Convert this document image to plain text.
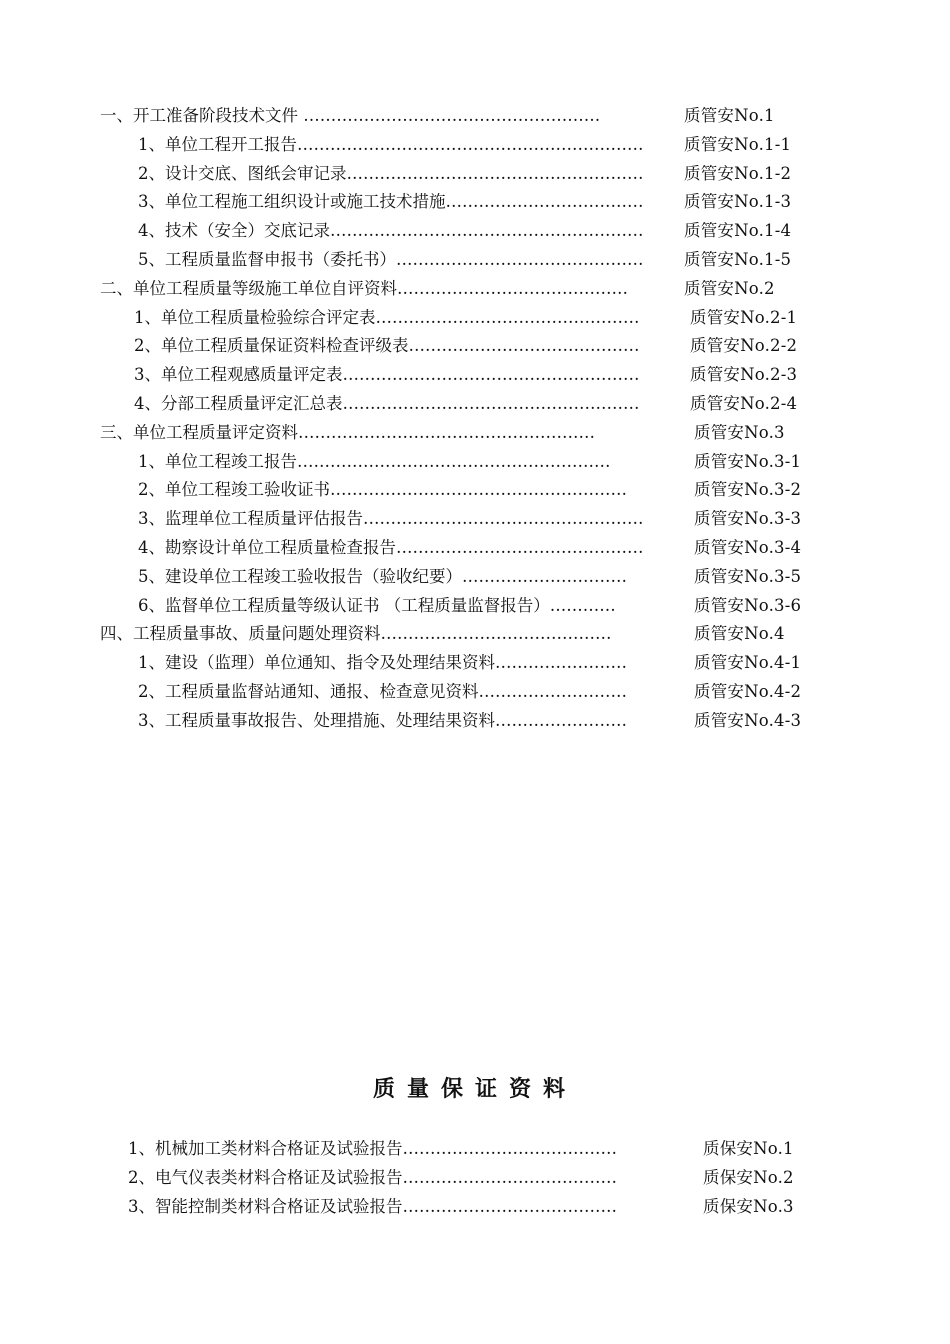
一、开工准备阶段技术文件 ………………………………………………	质管安No.1
1、单位工程开工报告……………………………………………………… 质管安No.1-1
2、设计交底、图纸会审记录……………………………………………… 质管安No.1-2
3、单位工程施工组织设计或施工技术措施……………………………… 质管安No.1-3
4、技术（安全）交底记录………………………………………………… 质管安No.1-4
5、工程质量监督申报书（委托书）……………………………………… 质管安No.1-5
二、单位工程质量等级施工单位自评资料……………………………………	质管安No.2
1、单位工程质量检验综合评定表…………………………………………	质管安No.2-1
2、单位工程质量保证资料检查评级表……………………………………	质管安No.2-2
3、单位工程观感质量评定表………………………………………………	质管安No.2-3
4、分部工程质量评定汇总表………………………………………………	质管安No.2-4
三、单位工程质量评定资料………………………………………………	质管安No.3
1、单位工程竣工报告…………………………………………………	质管安No.3-1
2、单位工程竣工验收证书………………………………………………	质管安No.3-2
3、监理单位工程质量评估报告……………………………………………	质管安No.3-3
4、勘察设计单位工程质量检查报告………………………………………	质管安No.3-4
5、建设单位工程竣工验收报告（验收纪要）…………………………	质管安No.3-5
6、监督单位工程质量等级认证书 （工程质量监督报告）…………	质管安No.3-6
四、工程质量事故、质量问题处理资料……………………………………	质管安No.4
1、建设（监理）单位通知、指令及处理结果资料……………………	质管安No.4-1
2、工程质量监督站通知、通报、检查意见资料………………………	质管安No.4-2
3、工程质量事故报告、处理措施、处理结果资料……………………	质管安No.4-3
质量保证资料
1、机械加工类材料合格证及试验报告…………………………………	质保安No.1
2、电气仪表类材料合格证及试验报告…………………………………	质保安No.2
3、智能控制类材料合格证及试验报告…………………………………	质保安No.3
